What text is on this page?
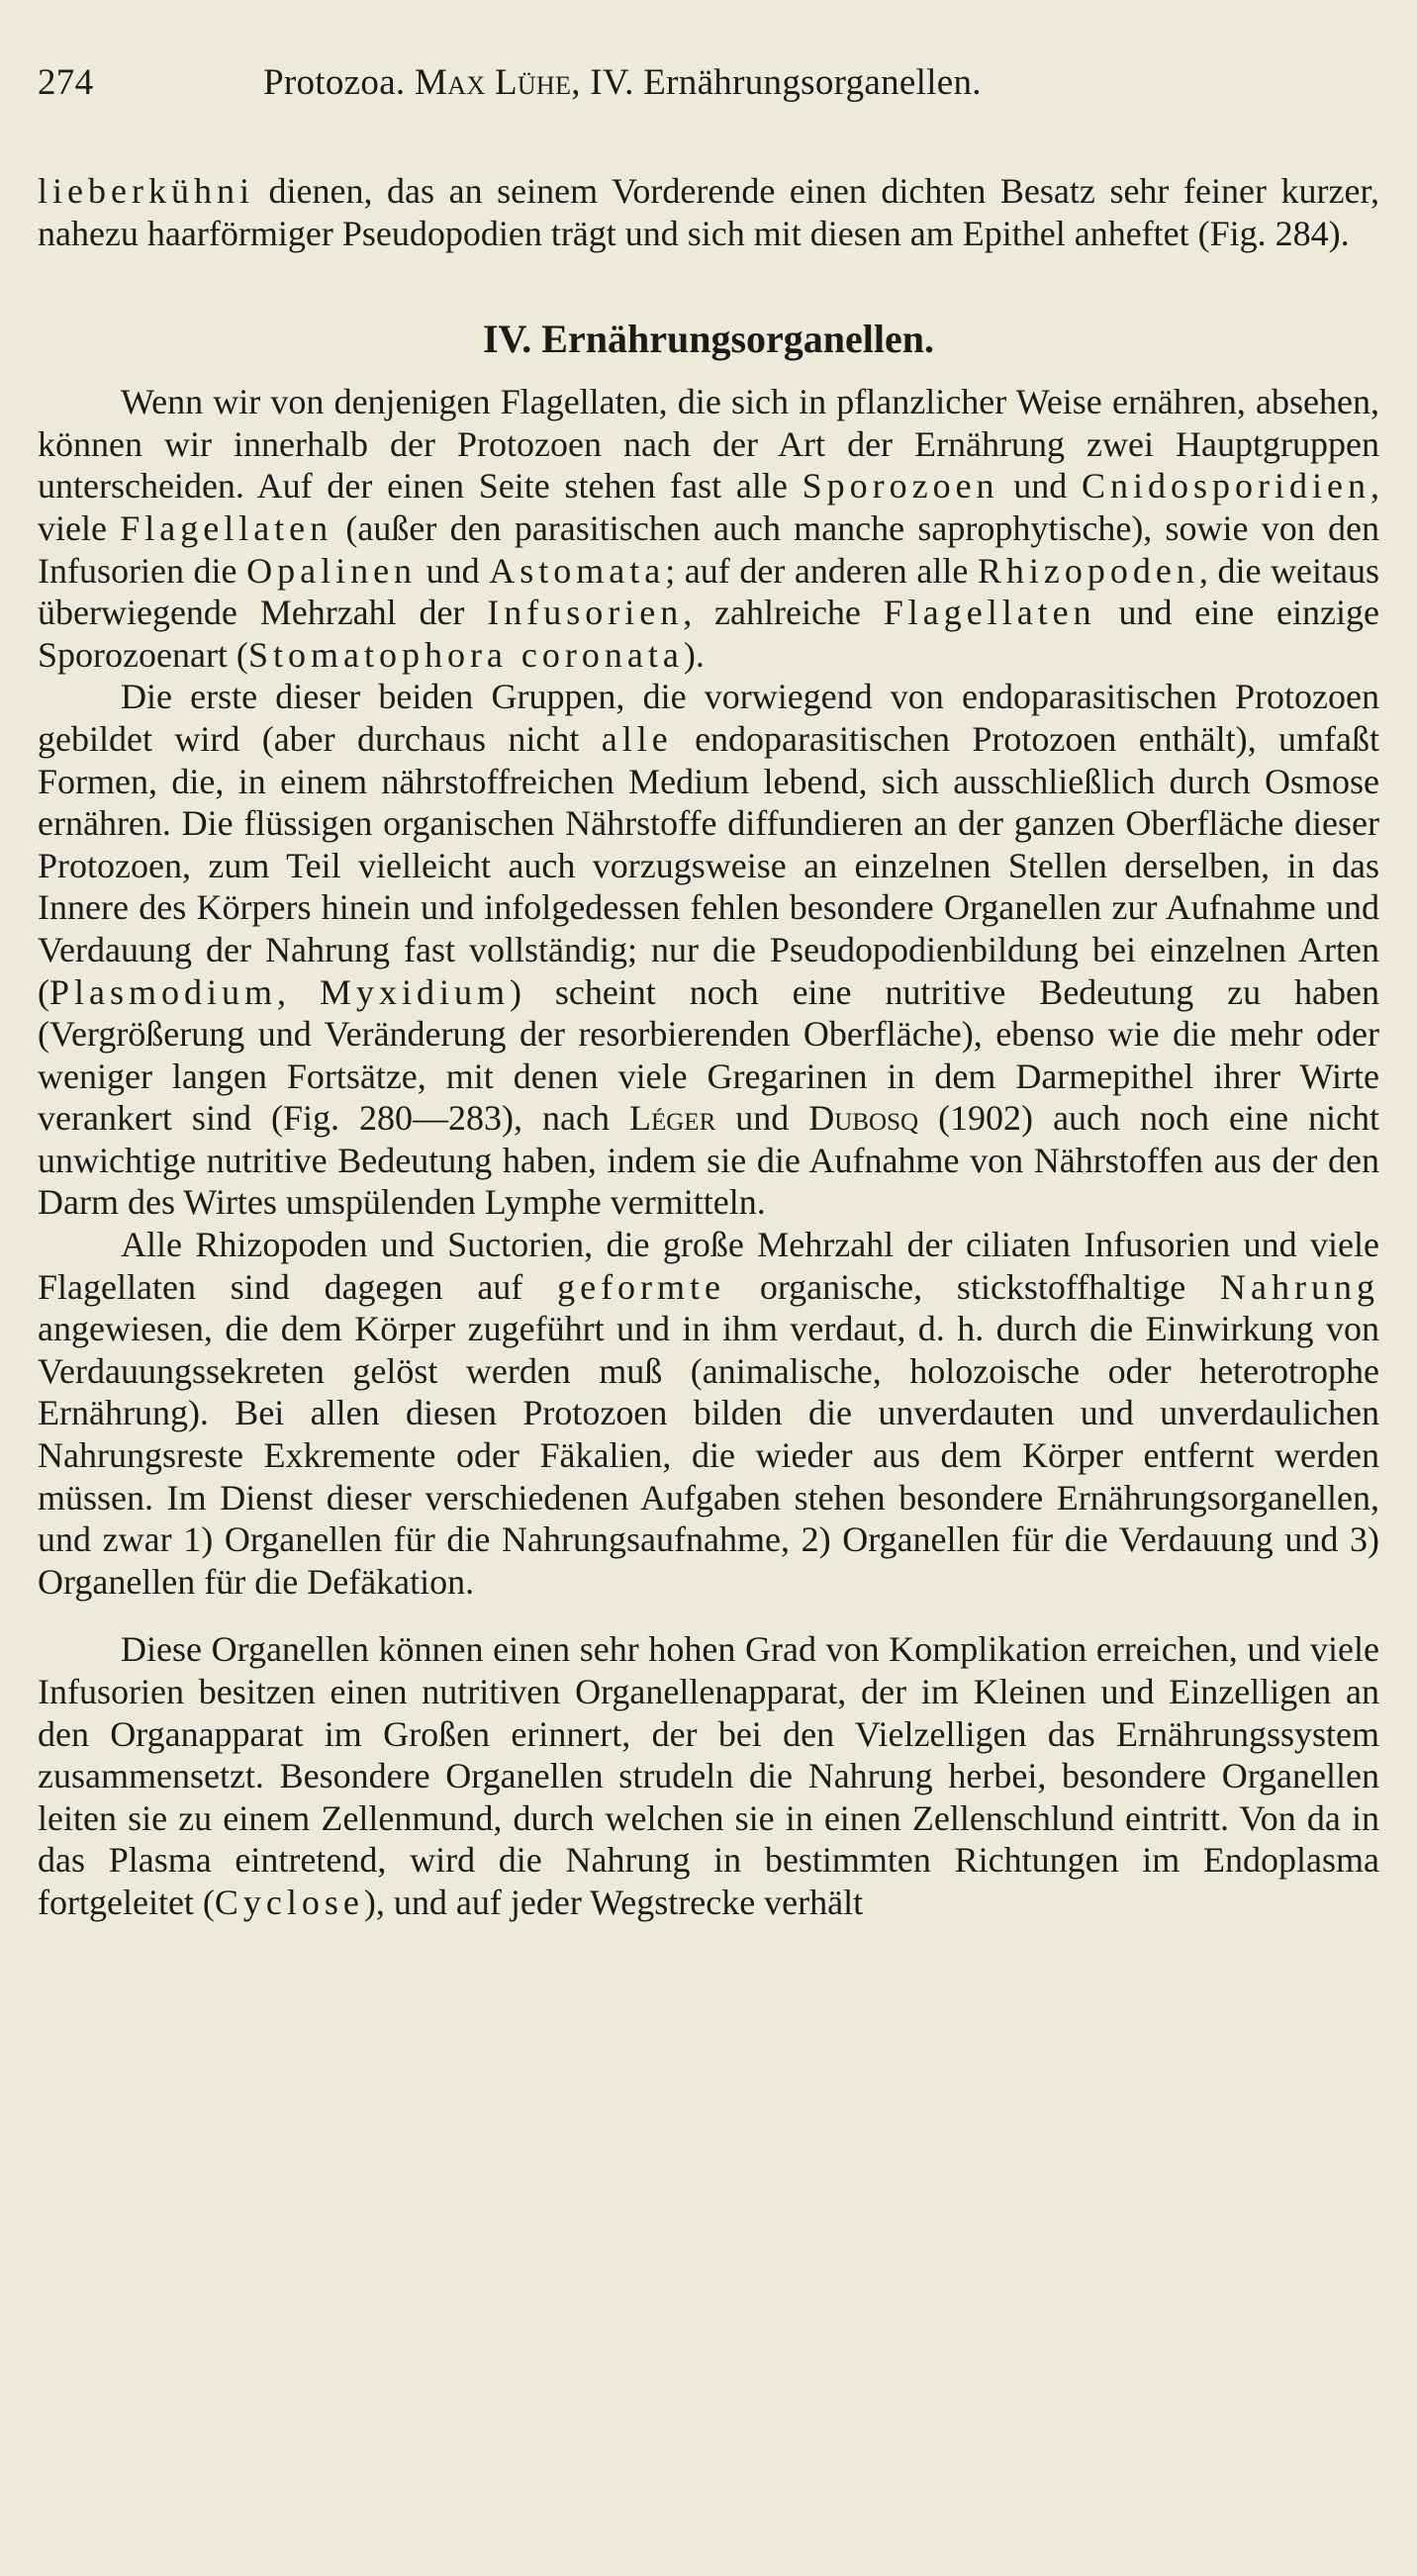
274	Protozoa. Max Lühe, IV. Ernährungsorganellen.

lieberkühni dienen, das an seinem Vorderende einen dichten Besatz sehr feiner kurzer, nahezu haarförmiger Pseudopodien trägt und sich mit diesen am Epithel anheftet (Fig. 284).

IV. Ernährungsorganellen.

Wenn wir von denjenigen Flagellaten, die sich in pflanzlicher Weise ernähren, absehen, können wir innerhalb der Protozoen nach der Art der Ernährung zwei Hauptgruppen unterscheiden. Auf der einen Seite stehen fast alle Sporozoen und Cnidosporidien, viele Flagellaten (außer den parasitischen auch manche saprophytische), sowie von den Infusorien die Opalinen und Astomata; auf der anderen alle Rhizopoden, die weitaus überwiegende Mehrzahl der Infusorien, zahlreiche Flagellaten und eine einzige Sporozoenart (Stomatophora coronata).

Die erste dieser beiden Gruppen, die vorwiegend von endoparasitischen Protozoen gebildet wird (aber durchaus nicht alle endoparasitischen Protozoen enthält), umfaßt Formen, die, in einem nährstoffreichen Medium lebend, sich ausschließlich durch Osmose ernähren. Die flüssigen organischen Nährstoffe diffundieren an der ganzen Oberfläche dieser Protozoen, zum Teil vielleicht auch vorzugsweise an einzelnen Stellen derselben, in das Innere des Körpers hinein und infolgedessen fehlen besondere Organellen zur Aufnahme und Verdauung der Nahrung fast vollständig; nur die Pseudopodienbildung bei einzelnen Arten (Plasmodium, Myxidium) scheint noch eine nutritive Bedeutung zu haben (Vergrößerung und Veränderung der resorbierenden Oberfläche), ebenso wie die mehr oder weniger langen Fortsätze, mit denen viele Gregarinen in dem Darmepithel ihrer Wirte verankert sind (Fig. 280—283), nach Léger und Dubosq (1902) auch noch eine nicht unwichtige nutritive Bedeutung haben, indem sie die Aufnahme von Nährstoffen aus der den Darm des Wirtes umspülenden Lymphe vermitteln.

Alle Rhizopoden und Suctorien, die große Mehrzahl der ciliaten Infusorien und viele Flagellaten sind dagegen auf geformte organische, stickstoffhaltige Nahrung angewiesen, die dem Körper zugeführt und in ihm verdaut, d. h. durch die Einwirkung von Verdauungssekreten gelöst werden muß (animalische, holozoische oder heterotrophe Ernährung). Bei allen diesen Protozoen bilden die unverdauten und unverdaulichen Nahrungsreste Exkremente oder Fäkalien, die wieder aus dem Körper entfernt werden müssen. Im Dienst dieser verschiedenen Aufgaben stehen besondere Ernährungsorganellen, und zwar 1) Organellen für die Nahrungsaufnahme, 2) Organellen für die Verdauung und 3) Organellen für die Defäkation.

Diese Organellen können einen sehr hohen Grad von Komplikation erreichen, und viele Infusorien besitzen einen nutritiven Organellenapparat, der im Kleinen und Einzelligen an den Organapparat im Großen erinnert, der bei den Vielzelligen das Ernährungssystem zusammensetzt. Besondere Organellen strudeln die Nahrung herbei, besondere Organellen leiten sie zu einem Zellenmund, durch welchen sie in einen Zellenschlund eintritt. Von da in das Plasma eintretend, wird die Nahrung in bestimmten Richtungen im Endoplasma fortgeleitet (Cyclose), und auf jeder Wegstrecke verhält
